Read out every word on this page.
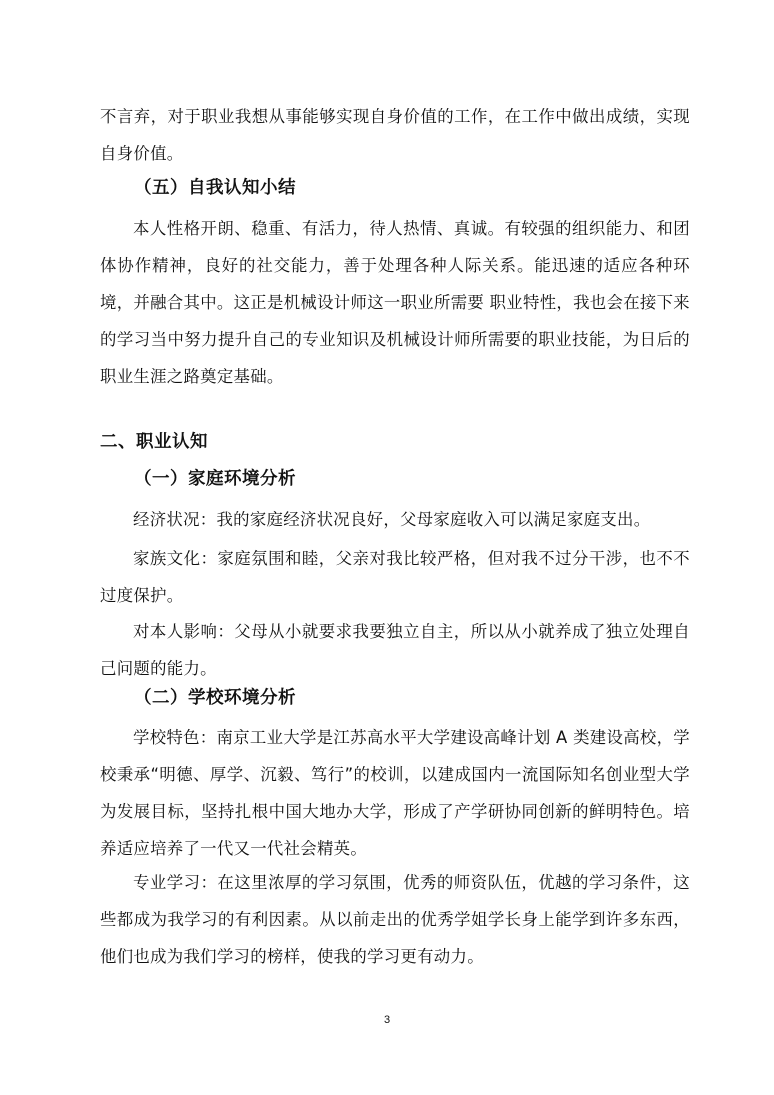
不言弃，对于职业我想从事能够实现自身价值的工作，在工作中做出成绩，实现自身价值。

（五）自我认知小结

本人性格开朗、稳重、有活力，待人热情、真诚。有较强的组织能力、和团体协作精神，良好的社交能力，善于处理各种人际关系。能迅速的适应各种环境，并融合其中。这正是机械设计师这一职业所需要 职业特性，我也会在接下来的学习当中努力提升自己的专业知识及机械设计师所需要的职业技能，为日后的职业生涯之路奠定基础。

二、职业认知

（一）家庭环境分析

经济状况：我的家庭经济状况良好，父母家庭收入可以满足家庭支出。

家族文化：家庭氛围和睦，父亲对我比较严格，但对我不过分干涉，也不不过度保护。

对本人影响：父母从小就要求我要独立自主，所以从小就养成了独立处理自己问题的能力。

（二）学校环境分析

学校特色：南京工业大学是江苏高水平大学建设高峰计划 A 类建设高校，学校秉承“明德、厚学、沉毅、笃行”的校训，以建成国内一流国际知名创业型大学为发展目标，坚持扎根中国大地办大学，形成了产学研协同创新的鲜明特色。培养适应培养了一代又一代社会精英。

专业学习：在这里浓厚的学习氛围，优秀的师资队伍，优越的学习条件，这些都成为我学习的有利因素。从以前走出的优秀学姐学长身上能学到许多东西，他们也成为我们学习的榜样，使我的学习更有动力。

3
